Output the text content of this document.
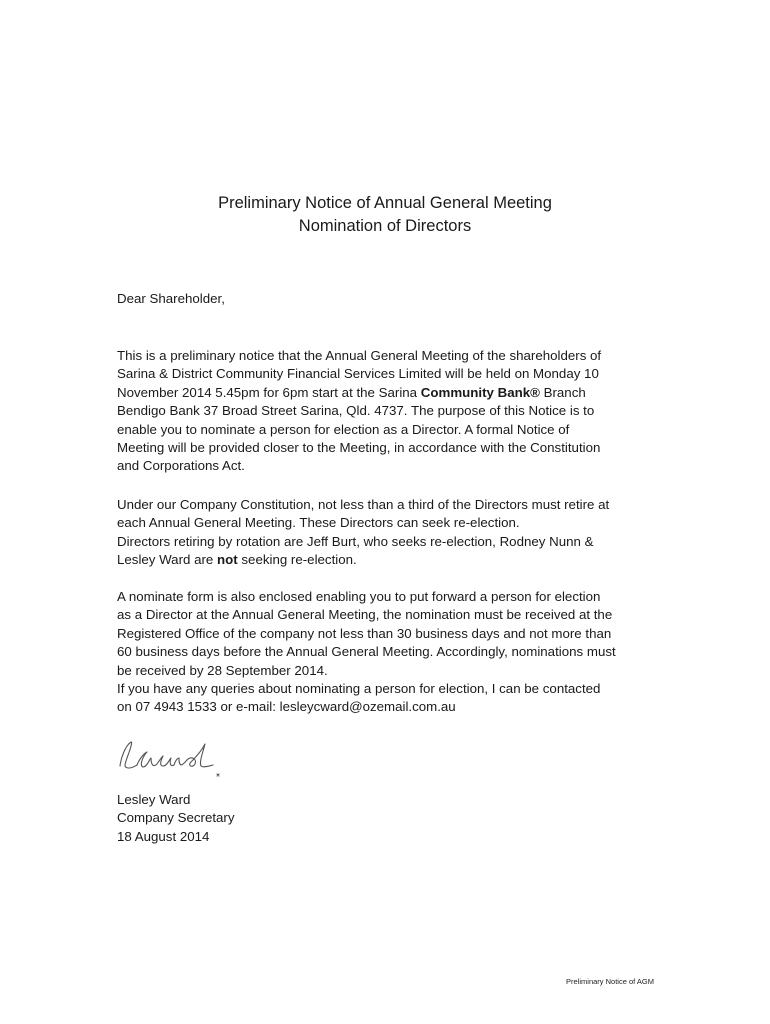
Preliminary Notice of Annual General Meeting
Nomination of Directors

Dear Shareholder,

This is a preliminary notice that the Annual General Meeting of the shareholders of
Sarina & District Community Financial Services Limited will be held on Monday 10
November 2014 5.45pm for 6pm start at the Sarina Community Bank® Branch
Bendigo Bank 37 Broad Street Sarina, Qld. 4737. The purpose of this Notice is to
enable you to nominate a person for election as a Director. A formal Notice of
Meeting will be provided closer to the Meeting, in accordance with the Constitution
and Corporations Act.

Under our Company Constitution, not less than a third of the Directors must retire at
each Annual General Meeting. These Directors can seek re-election.
Directors retiring by rotation are Jeff Burt, who seeks re-election, Rodney Nunn &
Lesley Ward are not seeking re-election.

A nominate form is also enclosed enabling you to put forward a person for election
as a Director at the Annual General Meeting, the nomination must be received at the
Registered Office of the company not less than 30 business days and not more than
60 business days before the Annual General Meeting. Accordingly, nominations must
be received by 28 September 2014.
If you have any queries about nominating a person for election, I can be contacted
on 07 4943 1533 or e-mail: lesleycward@ozemail.com.au

Lesley Ward
Company Secretary
18 August 2014
Preliminary Notice of AGM
